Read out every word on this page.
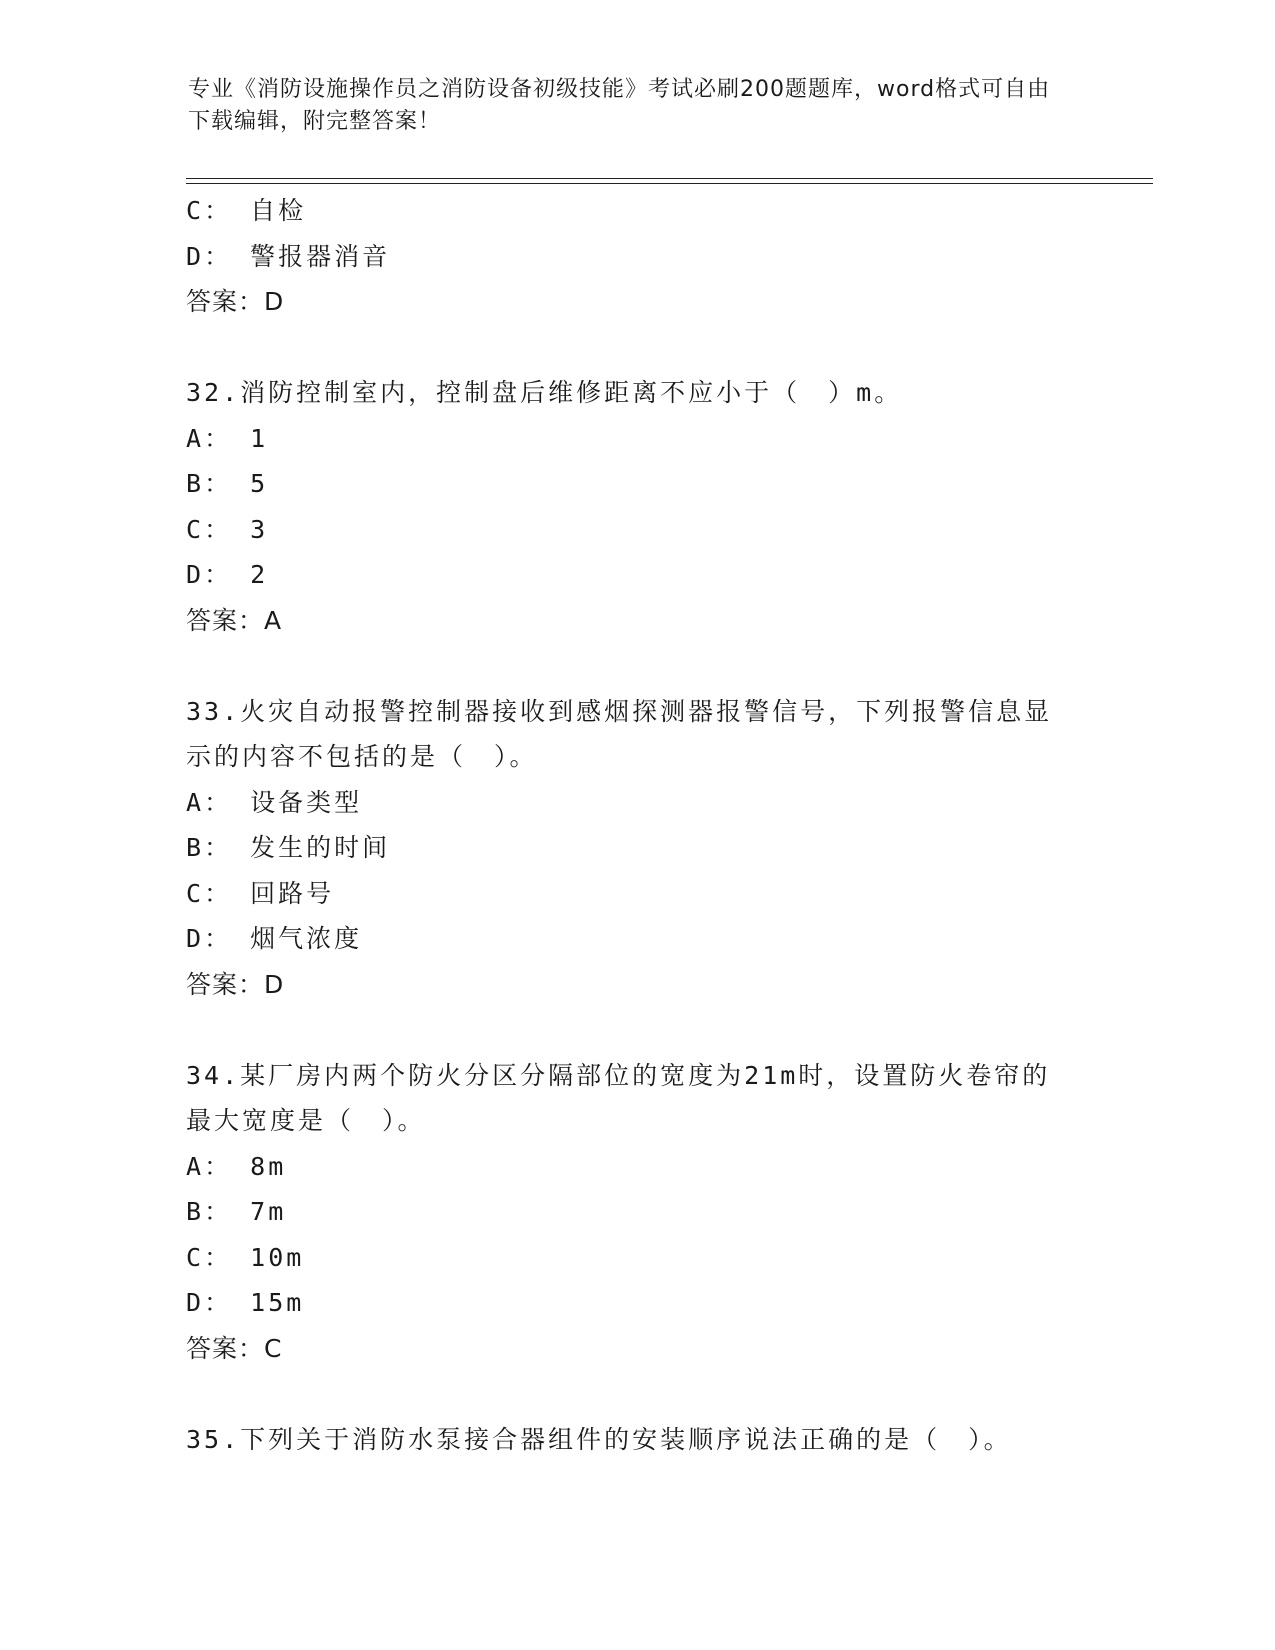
专业《消防设施操作员之消防设备初级技能》考试必刷200题题库，word格式可自由下载编辑，附完整答案！
C： 自检
D： 警报器消音
答案：D
32.消防控制室内，控制盘后维修距离不应小于（　）m。
A： 1
B： 5
C： 3
D： 2
答案：A
33.火灾自动报警控制器接收到感烟探测器报警信号，下列报警信息显示的内容不包括的是（　）。
A： 设备类型
B： 发生的时间
C： 回路号
D： 烟气浓度
答案：D
34.某厂房内两个防火分区分隔部位的宽度为21m时，设置防火卷帘的最大宽度是（　）。
A： 8m
B： 7m
C： 10m
D： 15m
答案：C
35.下列关于消防水泵接合器组件的安装顺序说法正确的是（　）。
